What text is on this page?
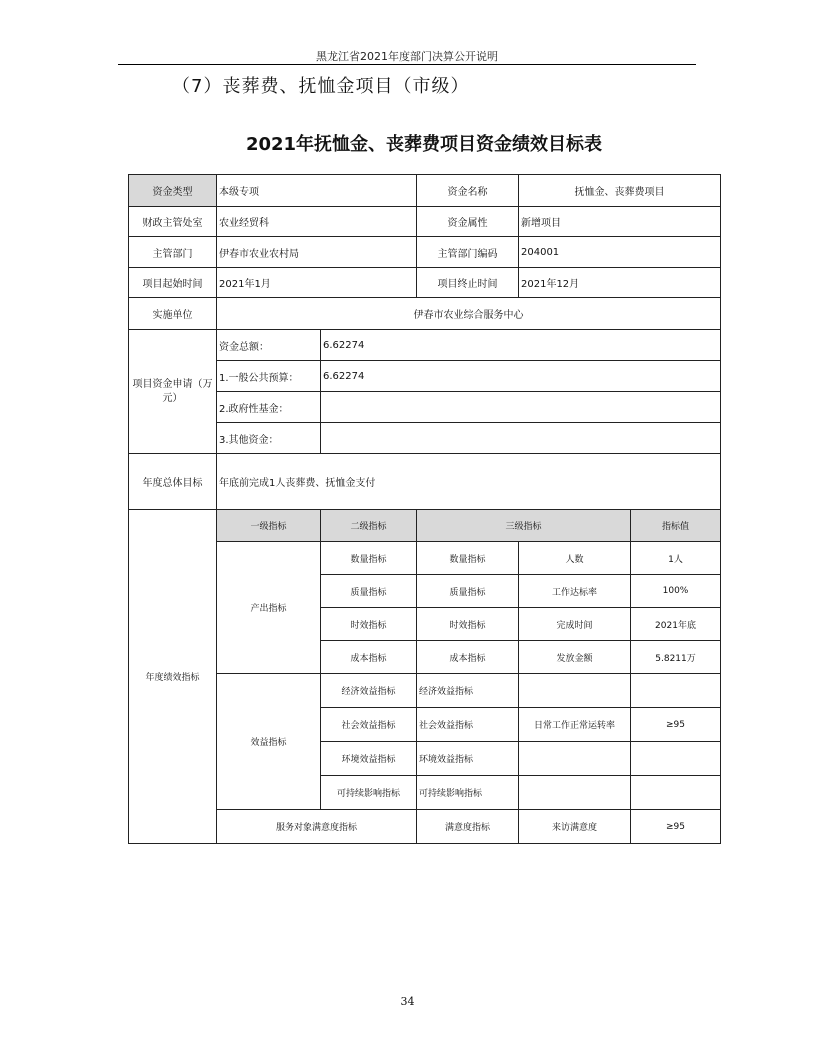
黑龙江省2021年度部门决算公开说明
（7）丧葬费、抚恤金项目（市级）
2021年抚恤金、丧葬费项目资金绩效目标表
资金类型	本级专项		资金名称	抚恤金、丧葬费项目	
财政主管处室	农业经贸科		资金属性	新增项目	
主管部门	伊春市农业农村局		主管部门编码	204001	
项目起始时间	2021年1月		项目终止时间	2021年12月	
实施单位	伊春市农业综合服务中心				
项目资金申请（万元）	资金总额：	6.62274			
	1.一般公共预算：	6.62274			
	2.政府性基金：				
	3.其他资金：				
年度总体目标	年底前完成1人丧葬费、抚恤金支付				
年度绩效指标	一级指标	二级指标	三级指标		指标值
	产出指标	数量指标	数量指标	人数	1人
		质量指标	质量指标	工作达标率	100%
		时效指标	时效指标	完成时间	2021年底
		成本指标	成本指标	发放金额	5.8211万
	效益指标	经济效益指标	经济效益指标		
		社会效益指标	社会效益指标	日常工作正常运转率	≥95
		环境效益指标	环境效益指标		
		可持续影响指标	可持续影响指标		
	服务对象满意度指标		满意度指标	来访满意度	≥95
34
